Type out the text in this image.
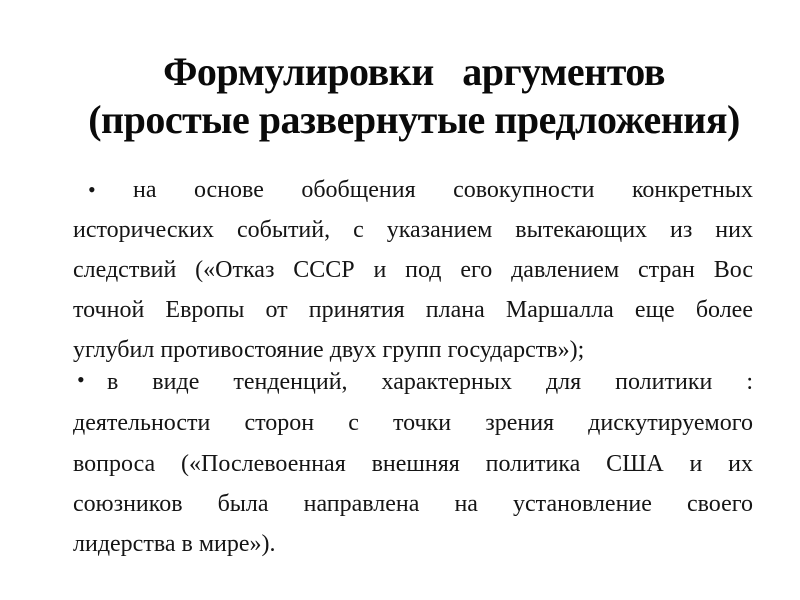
Формулировки   аргументов
(простые развернутые предложения)
• на основе обобщения совокупности конкретных
исторических событий, с указанием вытекающих из них
следствий («Отказ СССР и под его давлением стран Вос
точной Европы от принятия плана Маршалла еще более
углубил противостояние двух групп государств»);
• в виде тенденций, характерных для политики :
деятельности сторон с точки зрения дискутируемого
вопроса («Послевоенная внешняя политика США и их
союзников была направлена на установление своего
лидерства в мире»).
